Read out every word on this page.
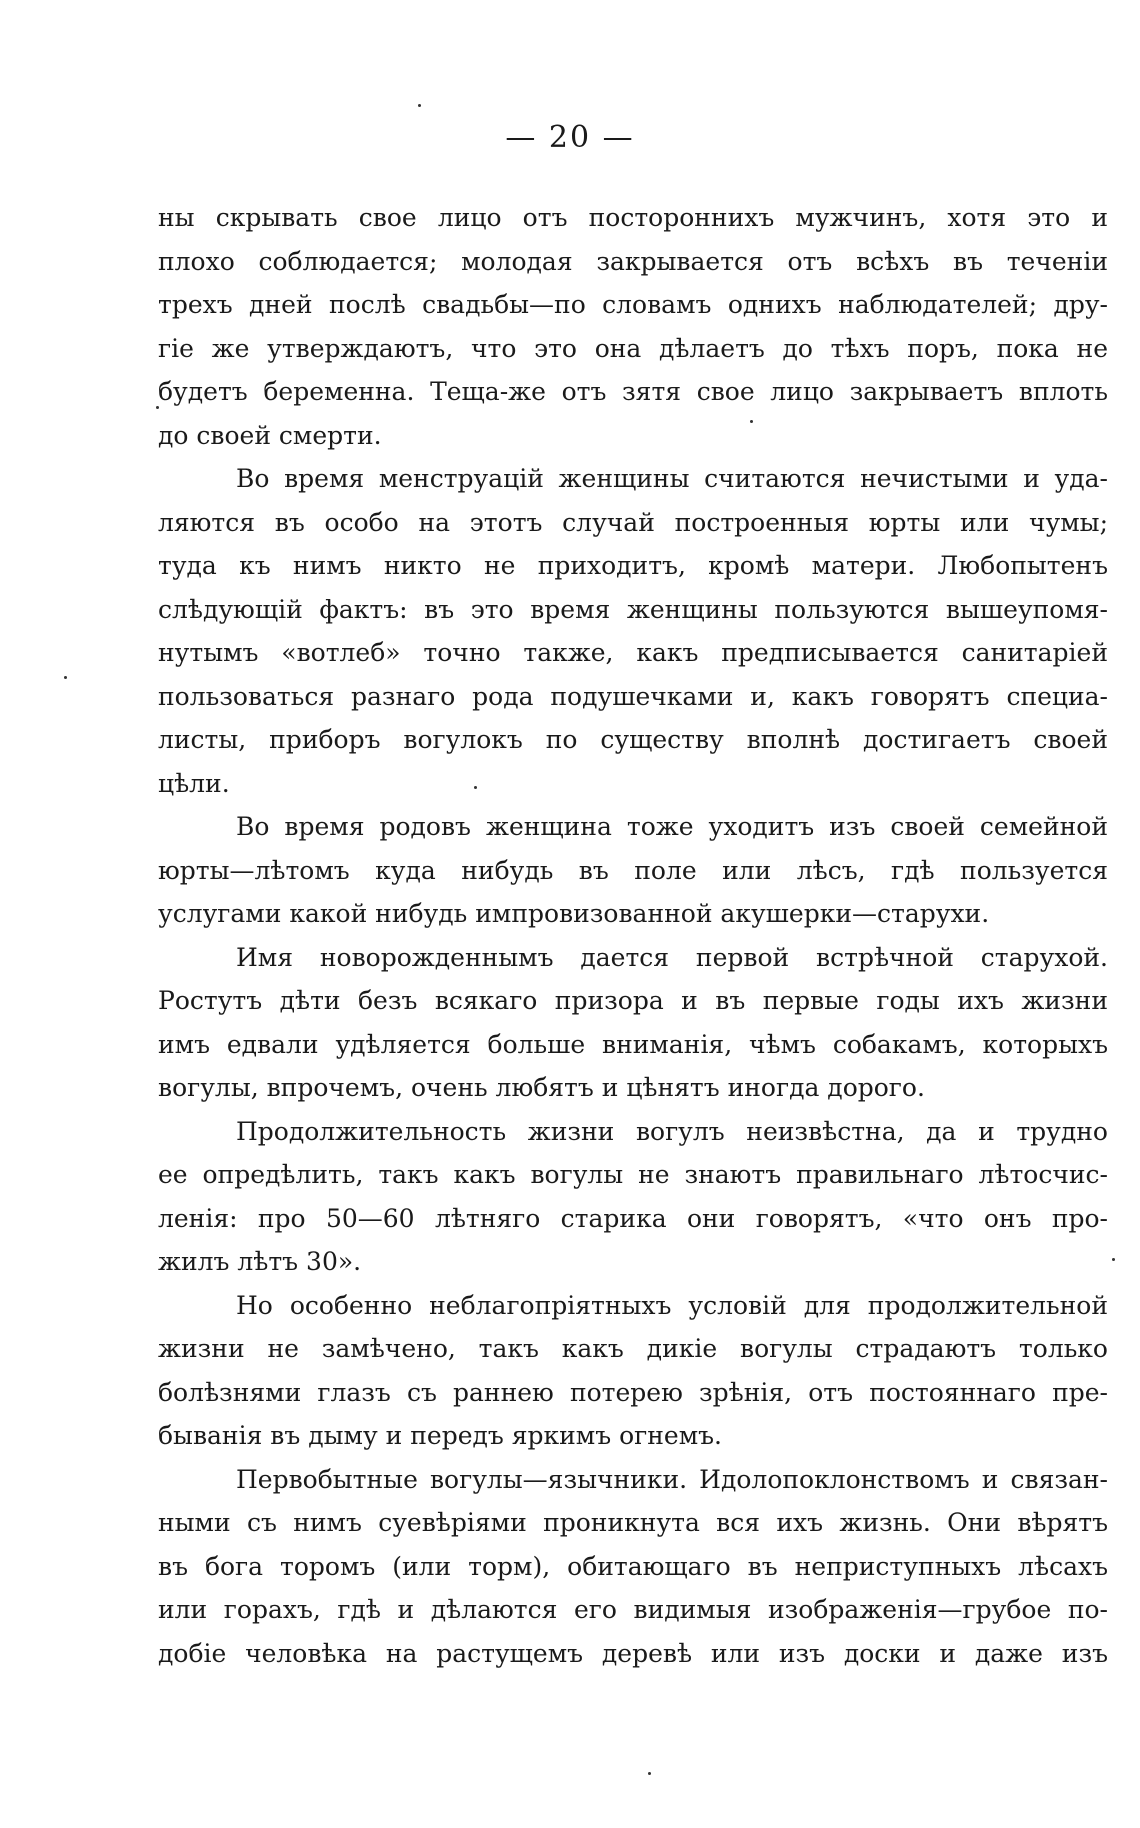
— 20 —
ны скрывать свое лицо отъ постороннихъ мужчинъ, хотя это и
плохо соблюдается; молодая закрывается отъ всѣхъ въ теченіи
трехъ дней послѣ свадьбы—по словамъ однихъ наблюдателей; дру-
гіе же утверждаютъ, что это она дѣлаетъ до тѣхъ поръ, пока не
будетъ беременна. Теща-же отъ зятя свое лицо закрываетъ вплоть
до своей смерти.
Во время менструацій женщины считаются нечистыми и уда-
ляются въ особо на этотъ случай построенныя юрты или чумы;
туда къ нимъ никто не приходитъ, кромѣ матери. Любопытенъ
слѣдующій фактъ: въ это время женщины пользуются вышеупомя-
нутымъ «вотлеб» точно также, какъ предписывается санитаріей
пользоваться разнаго рода подушечками и, какъ говорятъ специа-
листы, приборъ вогулокъ по существу вполнѣ достигаетъ своей
цѣли.
Во время родовъ женщина тоже уходитъ изъ своей семейной
юрты—лѣтомъ куда нибудь въ поле или лѣсъ, гдѣ пользуется
услугами какой нибудь импровизованной акушерки—старухи.
Имя новорожденнымъ дается первой встрѣчной старухой.
Ростутъ дѣти безъ всякаго призора и въ первые годы ихъ жизни
имъ едвали удѣляется больше вниманія, чѣмъ собакамъ, которыхъ
вогулы, впрочемъ, очень любятъ и цѣнятъ иногда дорого.
Продолжительность жизни вогулъ неизвѣстна, да и трудно
ее опредѣлить, такъ какъ вогулы не знаютъ правильнаго лѣтосчис-
ленія: про 50—60 лѣтняго старика они говорятъ, «что онъ про-
жилъ лѣтъ 30».
Но особенно неблагопріятныхъ условій для продолжительной
жизни не замѣчено, такъ какъ дикіе вогулы страдаютъ только
болѣзнями глазъ съ раннею потерею зрѣнія, отъ постояннаго пре-
быванія въ дыму и передъ яркимъ огнемъ.
Первобытные вогулы—язычники. Идолопоклонствомъ и связан-
ными съ нимъ суевѣріями проникнута вся ихъ жизнь. Они вѣрятъ
въ бога торомъ (или торм), обитающаго въ неприступныхъ лѣсахъ
или горахъ, гдѣ и дѣлаются его видимыя изображенія—грубое по-
добіе человѣка на растущемъ деревѣ или изъ доски и даже изъ
